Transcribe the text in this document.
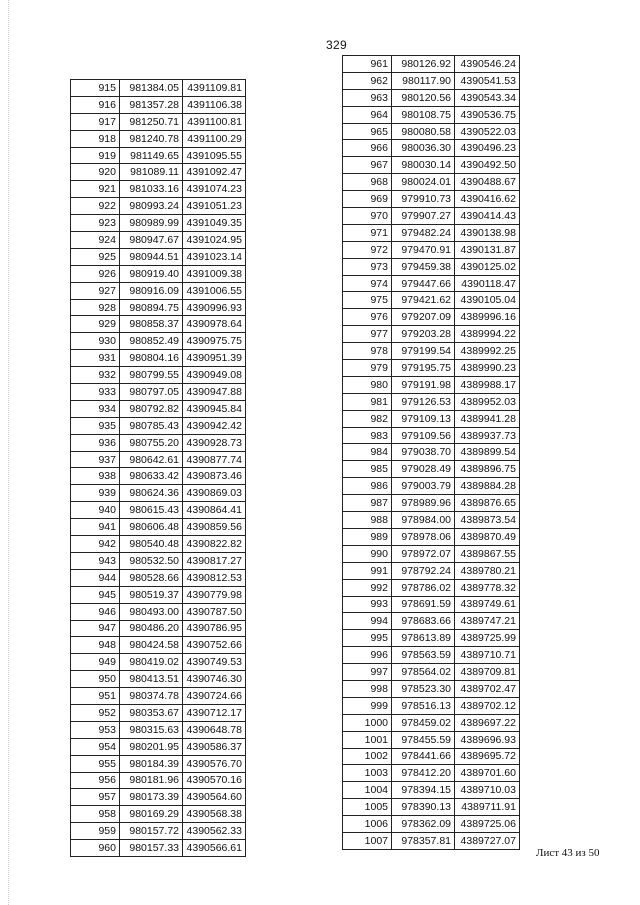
329
915	981384.05	4391109.81
916	981357.28	4391106.38
917	981250.71	4391100.81
918	981240.78	4391100.29
919	981149.65	4391095.55
920	981089.11	4391092.47
921	981033.16	4391074.23
922	980993.24	4391051.23
923	980989.99	4391049.35
924	980947.67	4391024.95
925	980944.51	4391023.14
926	980919.40	4391009.38
927	980916.09	4391006.55
928	980894.75	4390996.93
929	980858.37	4390978.64
930	980852.49	4390975.75
931	980804.16	4390951.39
932	980799.55	4390949.08
933	980797.05	4390947.88
934	980792.82	4390945.84
935	980785.43	4390942.42
936	980755.20	4390928.73
937	980642.61	4390877.74
938	980633.42	4390873.46
939	980624.36	4390869.03
940	980615.43	4390864.41
941	980606.48	4390859.56
942	980540.48	4390822.82
943	980532.50	4390817.27
944	980528.66	4390812.53
945	980519.37	4390779.98
946	980493.00	4390787.50
947	980486.20	4390786.95
948	980424.58	4390752.66
949	980419.02	4390749.53
950	980413.51	4390746.30
951	980374.78	4390724.66
952	980353.67	4390712.17
953	980315.63	4390648.78
954	980201.95	4390586.37
955	980184.39	4390576.70
956	980181.96	4390570.16
957	980173.39	4390564.60
958	980169.29	4390568.38
959	980157.72	4390562.33
960	980157.33	4390566.61
961	980126.92	4390546.24
962	980117.90	4390541.53
963	980120.56	4390543.34
964	980108.75	4390536.75
965	980080.58	4390522.03
966	980036.30	4390496.23
967	980030.14	4390492.50
968	980024.01	4390488.67
969	979910.73	4390416.62
970	979907.27	4390414.43
971	979482.24	4390138.98
972	979470.91	4390131.87
973	979459.38	4390125.02
974	979447.66	4390118.47
975	979421.62	4390105.04
976	979207.09	4389996.16
977	979203.28	4389994.22
978	979199.54	4389992.25
979	979195.75	4389990.23
980	979191.98	4389988.17
981	979126.53	4389952.03
982	979109.13	4389941.28
983	979109.56	4389937.73
984	979038.70	4389899.54
985	979028.49	4389896.75
986	979003.79	4389884.28
987	978989.96	4389876.65
988	978984.00	4389873.54
989	978978.06	4389870.49
990	978972.07	4389867.55
991	978792.24	4389780.21
992	978786.02	4389778.32
993	978691.59	4389749.61
994	978683.66	4389747.21
995	978613.89	4389725.99
996	978563.59	4389710.71
997	978564.02	4389709.81
998	978523.30	4389702.47
999	978516.13	4389702.12
1000	978459.02	4389697.22
1001	978455.59	4389696.93
1002	978441.66	4389695.72
1003	978412.20	4389701.60
1004	978394.15	4389710.03
1005	978390.13	4389711.91
1006	978362.09	4389725.06
1007	978357.81	4389727.07
Лист 43 из 50
